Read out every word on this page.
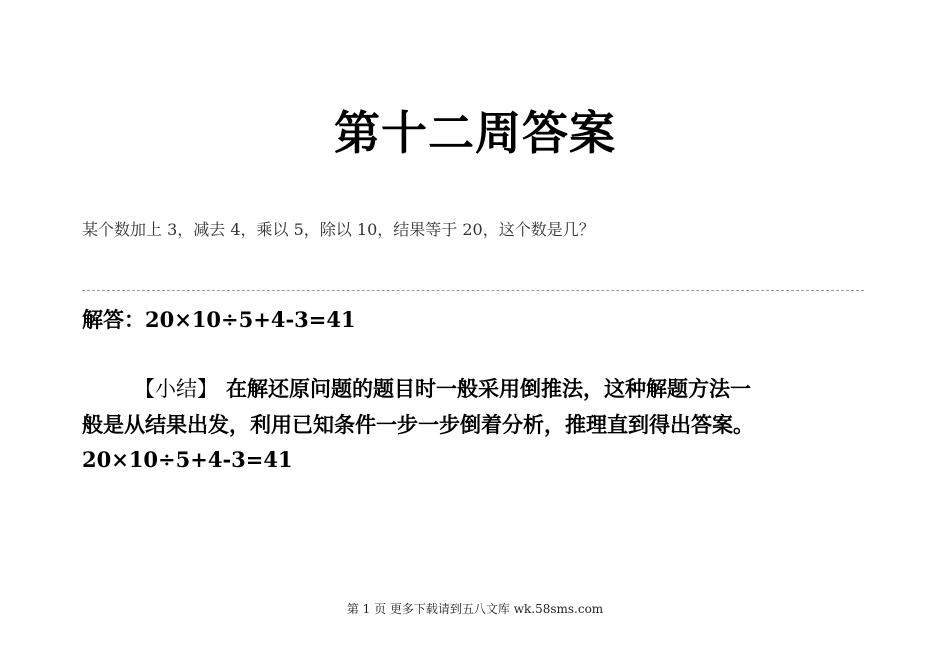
第十二周答案
某个数加上 3，减去 4，乘以 5，除以 10，结果等于 20，这个数是几？
解答：20×10÷5+4-3=41
【小结】 在解还原问题的题目时一般采用倒推法，这种解题方法一
般是从结果出发，利用已知条件一步一步倒着分析，推理直到得出答案。
20×10÷5+4-3=41
第 1 页 更多下载请到五八文库 wk.58sms.com
